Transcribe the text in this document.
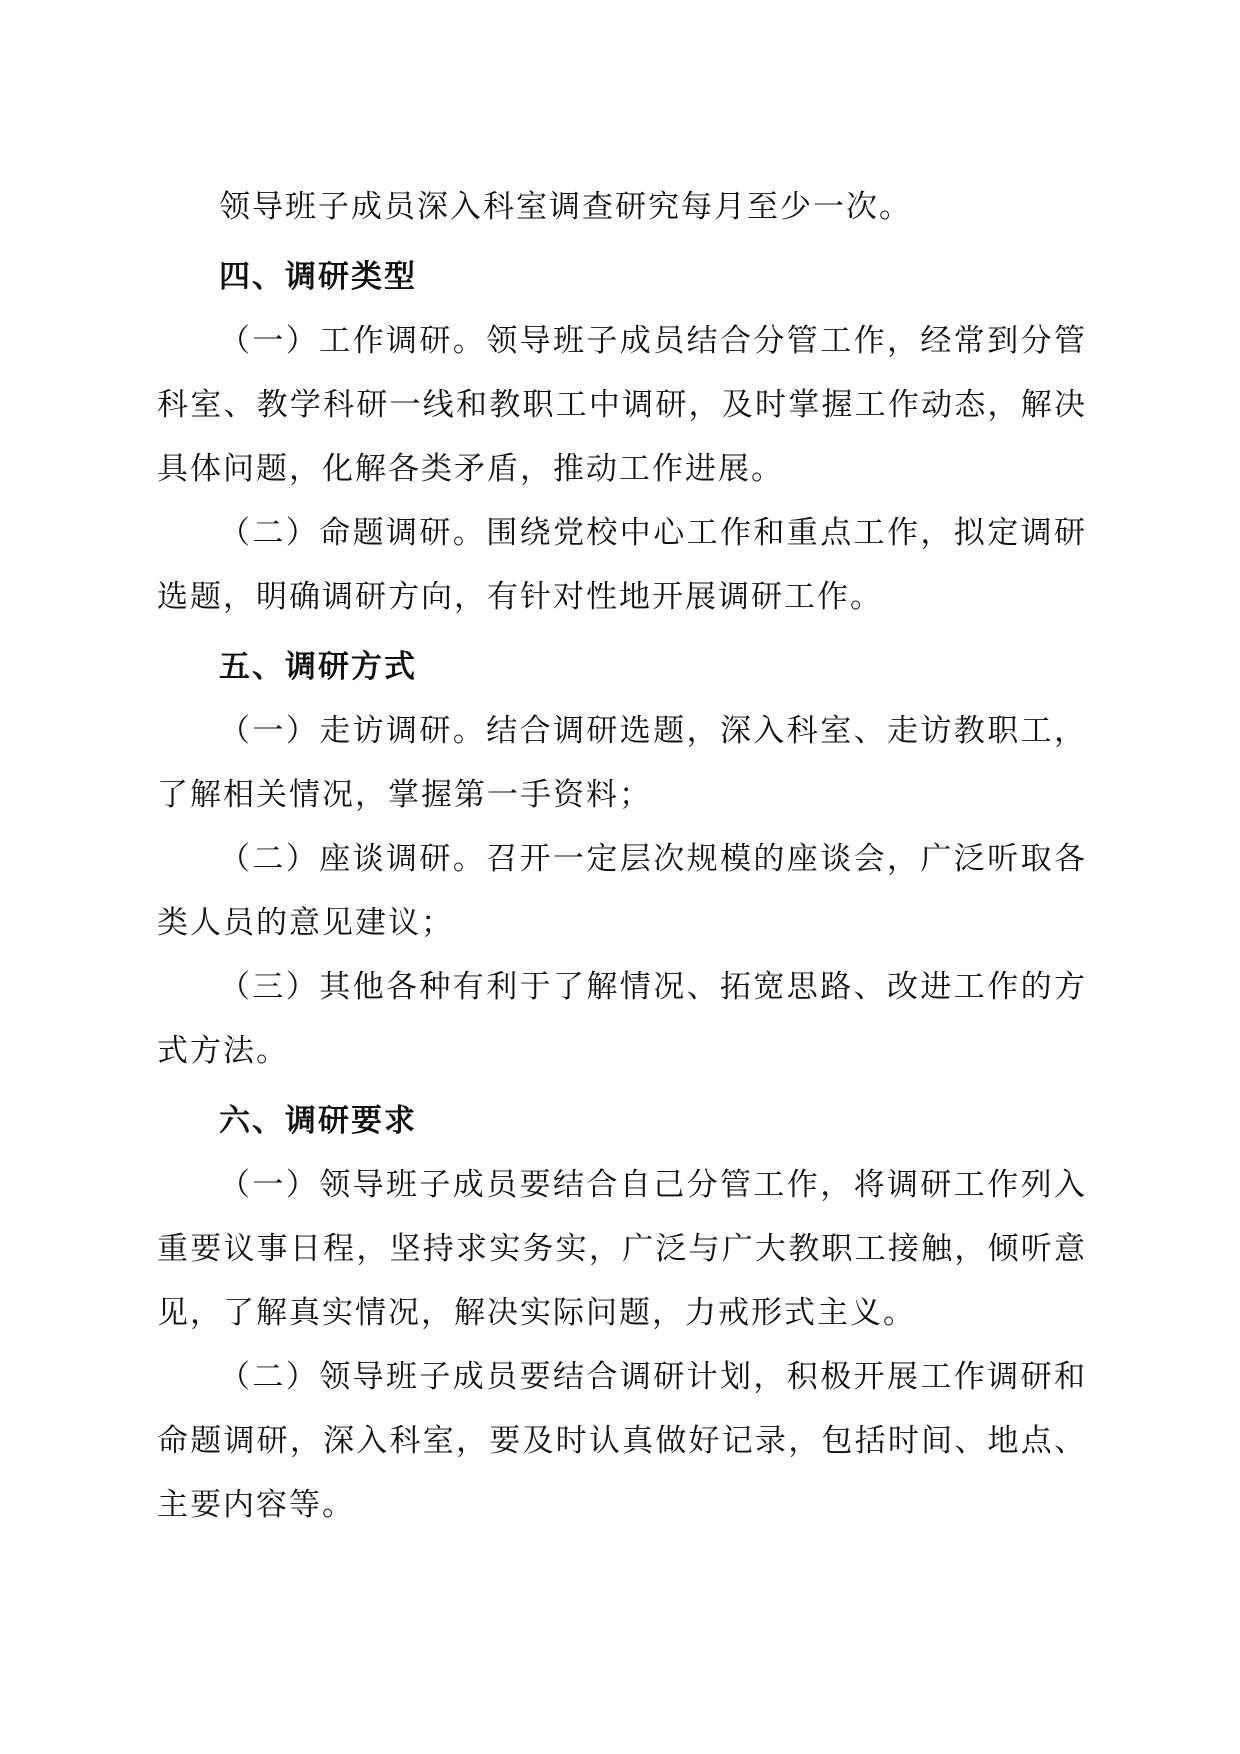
领导班子成员深入科室调查研究每月至少一次。

四、调研类型

（一）工作调研。领导班子成员结合分管工作，经常到分管科室、教学科研一线和教职工中调研，及时掌握工作动态，解决具体问题，化解各类矛盾，推动工作进展。

（二）命题调研。围绕党校中心工作和重点工作，拟定调研选题，明确调研方向，有针对性地开展调研工作。

五、调研方式

（一）走访调研。结合调研选题，深入科室、走访教职工，了解相关情况，掌握第一手资料；

（二）座谈调研。召开一定层次规模的座谈会，广泛听取各类人员的意见建议；

（三）其他各种有利于了解情况、拓宽思路、改进工作的方式方法。

六、调研要求

（一）领导班子成员要结合自己分管工作，将调研工作列入重要议事日程，坚持求实务实，广泛与广大教职工接触，倾听意见，了解真实情况，解决实际问题，力戒形式主义。

（二）领导班子成员要结合调研计划，积极开展工作调研和命题调研，深入科室，要及时认真做好记录，包括时间、地点、主要内容等。
